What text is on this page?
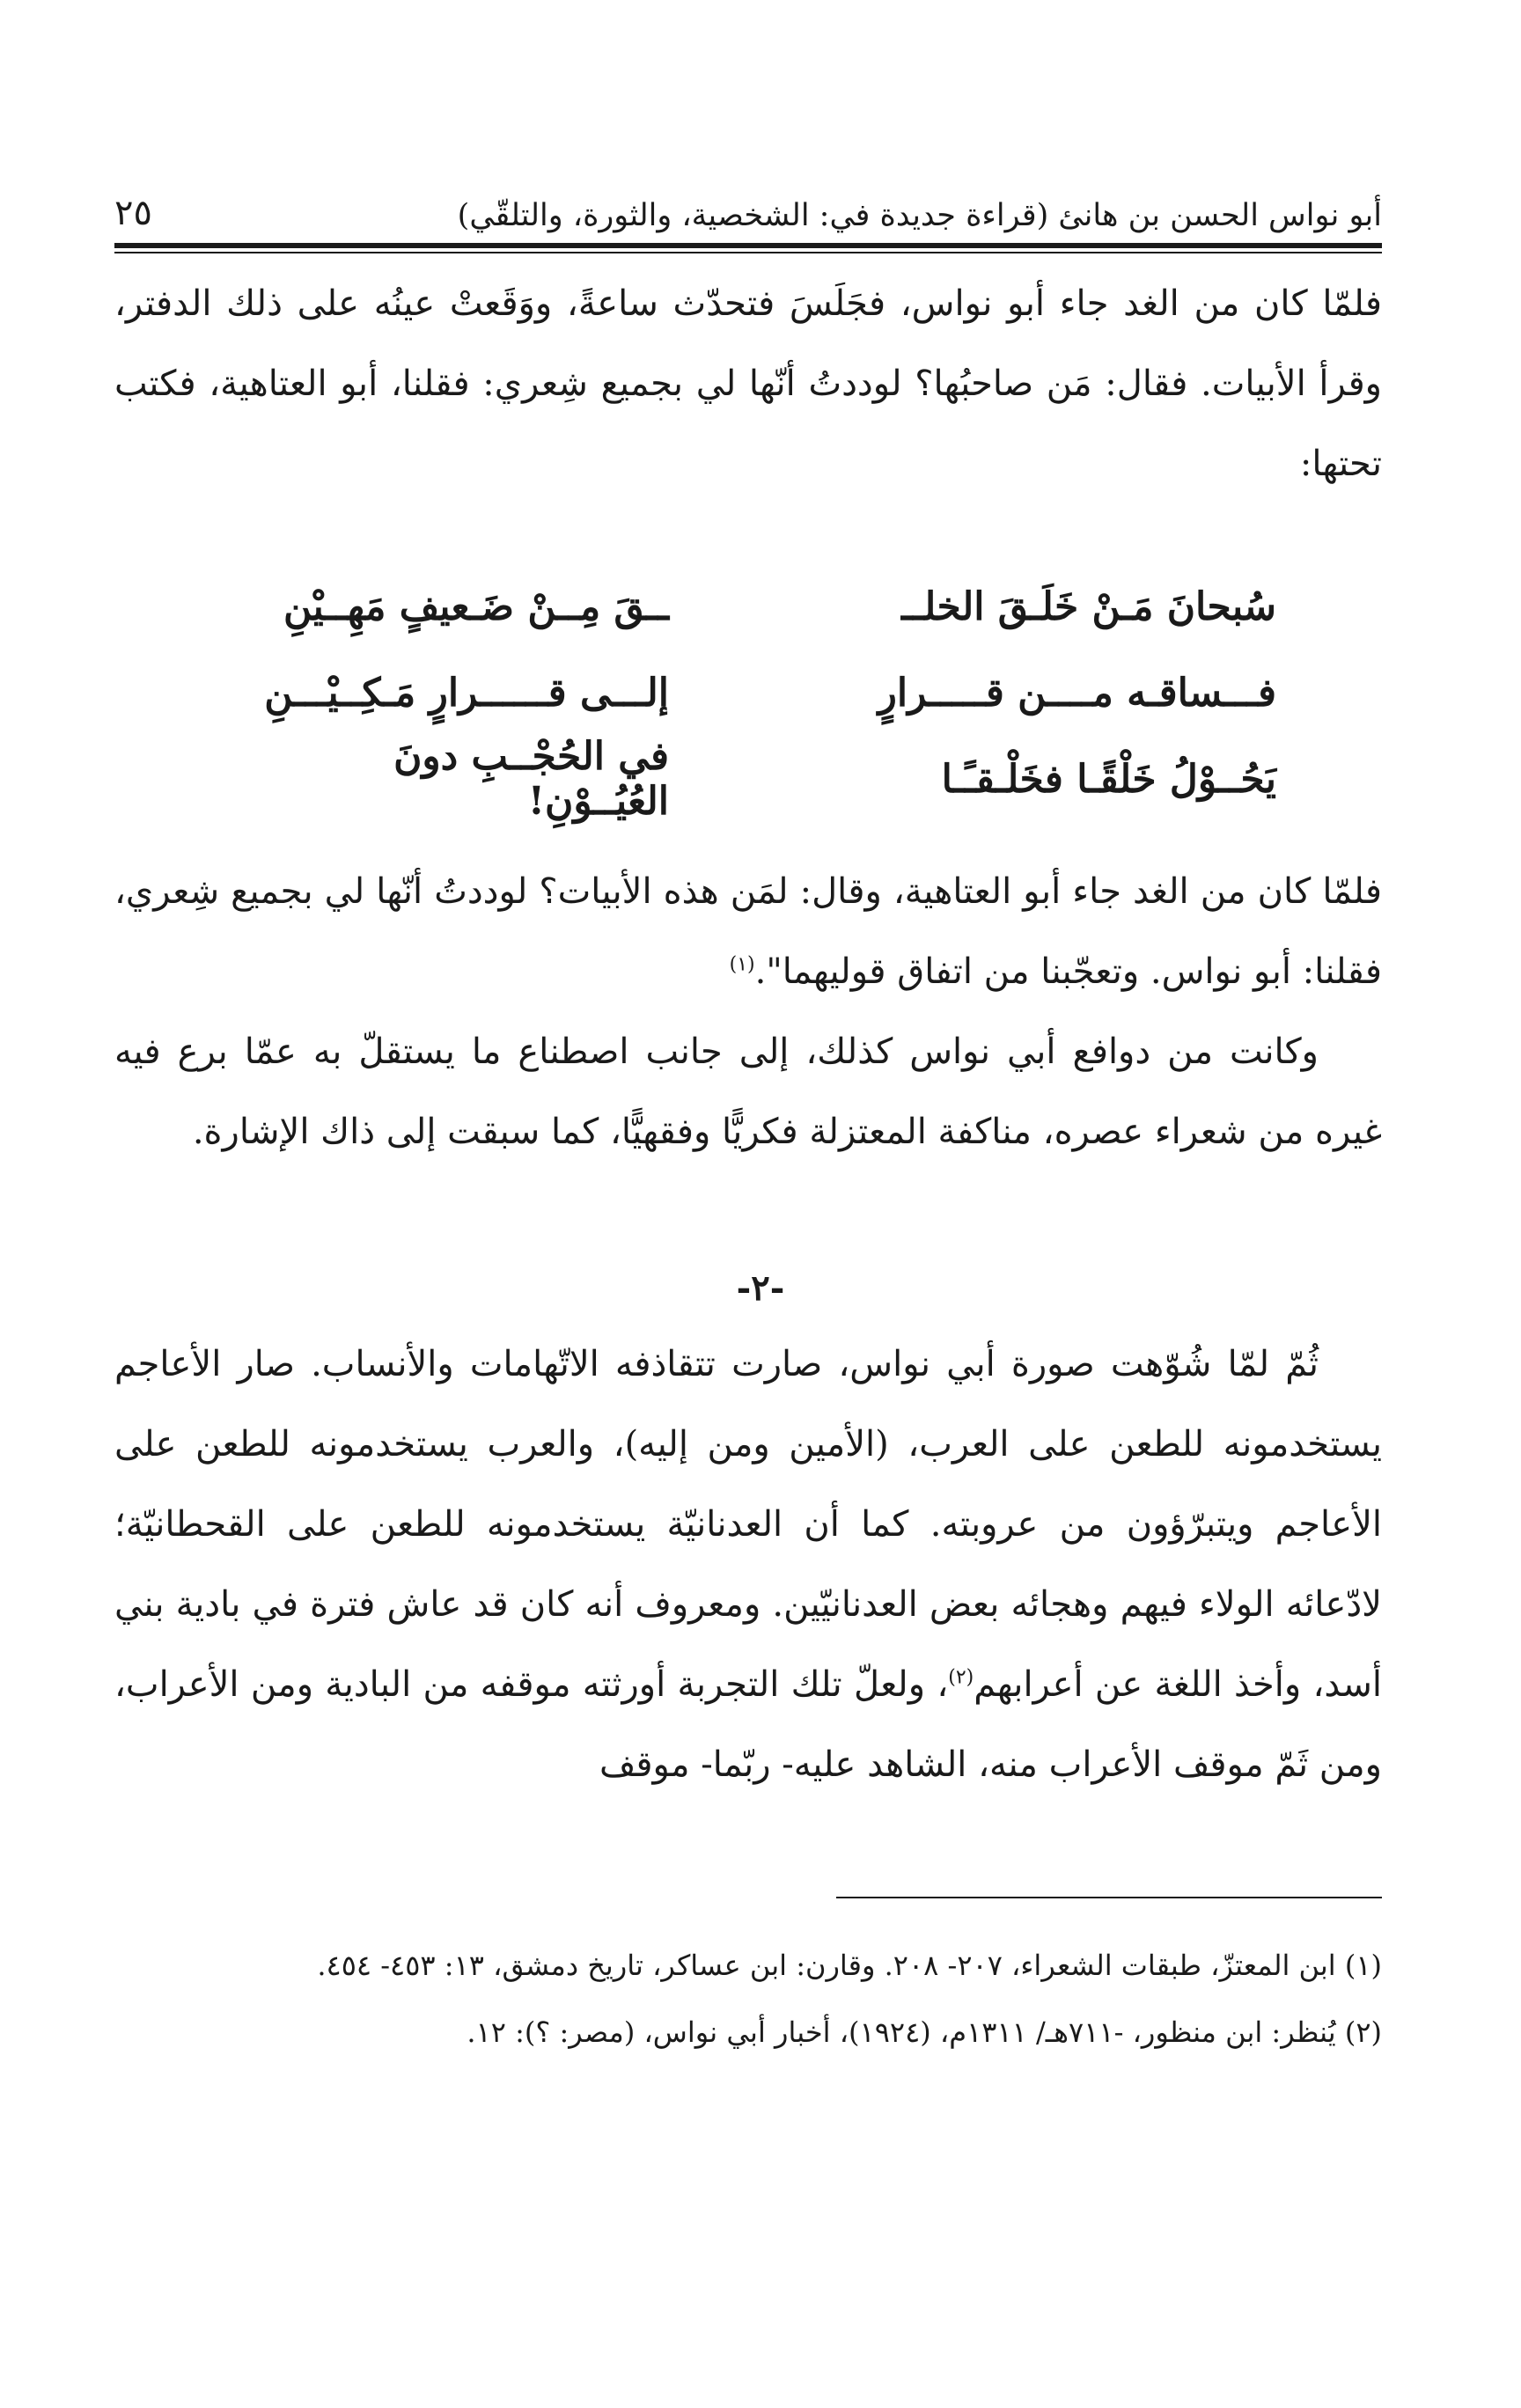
أبو نواس الحسن بن هانئ (قراءة جديدة في: الشخصية، والثورة، والتلقّي)
٢٥

فلمّا كان من الغد جاء أبو نواس، فجَلَسَ فتحدّث ساعةً، ووَقَعتْ عينُه على ذلك الدفتر، وقرأ الأبيات. فقال: مَن صاحبُها؟ لوددتُ أنّها لي بجميع شِعري: فقلنا، أبو العتاهية، فكتب تحتها:

سُبحانَ مَـنْ خَلَـقَ الخلــ
ــقَ مِــنْ ضَـعيفٍ مَهِــيْنِ
فـــساقـه مــــن قـــــرارٍ
إلـــى قــــــرارٍ مَـكِــيْـــنِ
يَحُــوْلُ خَلْقًـا فخَلْـقـًـا
في الحُجْــبِ دونَ العُيُــوْنِ!

فلمّا كان من الغد جاء أبو العتاهية، وقال: لمَن هذه الأبيات؟ لوددتُ أنّها لي بجميع شِعري، فقلنا: أبو نواس. وتعجّبنا من اتفاق قوليهما".$^{(١)}$

وكانت من دوافع أبي نواس كذلك، إلى جانب اصطناع ما يستقلّ به عمّا برع فيه غيره من شعراء عصره، مناكفة المعتزلة فكريًّا وفقهيًّا، كما سبقت إلى ذاك الإشارة.

-٢-

ثُمّ لمّا شُوّهت صورة أبي نواس، صارت تتقاذفه الاتّهامات والأنساب. صار الأعاجم يستخدمونه للطعن على العرب، (الأمين ومن إليه)، والعرب يستخدمونه للطعن على الأعاجم ويتبرّؤون من عروبته. كما أن العدنانيّة يستخدمونه للطعن على القحطانيّة؛ لادّعائه الولاء فيهم وهجائه بعض العدنانيّين. ومعروف أنه كان قد عاش فترة في بادية بني أسد، وأخذ اللغة عن أعرابهم$^{(٢)}$، ولعلّ تلك التجربة أورثته موقفه من البادية ومن الأعراب، ومن ثَمّ موقف الأعراب منه، الشاهد عليه- ربّما- موقف

(١) ابن المعتزّ، طبقات الشعراء، ٢٠٧- ٢٠٨. وقارن: ابن عساكر، تاريخ دمشق، ١٣: ٤٥٣- ٤٥٤.

(٢) يُنظر: ابن منظور، -٧١١هـ/ ١٣١١م، (١٩٢٤)، أخبار أبي نواس، (مصر: ؟): ١٢.
